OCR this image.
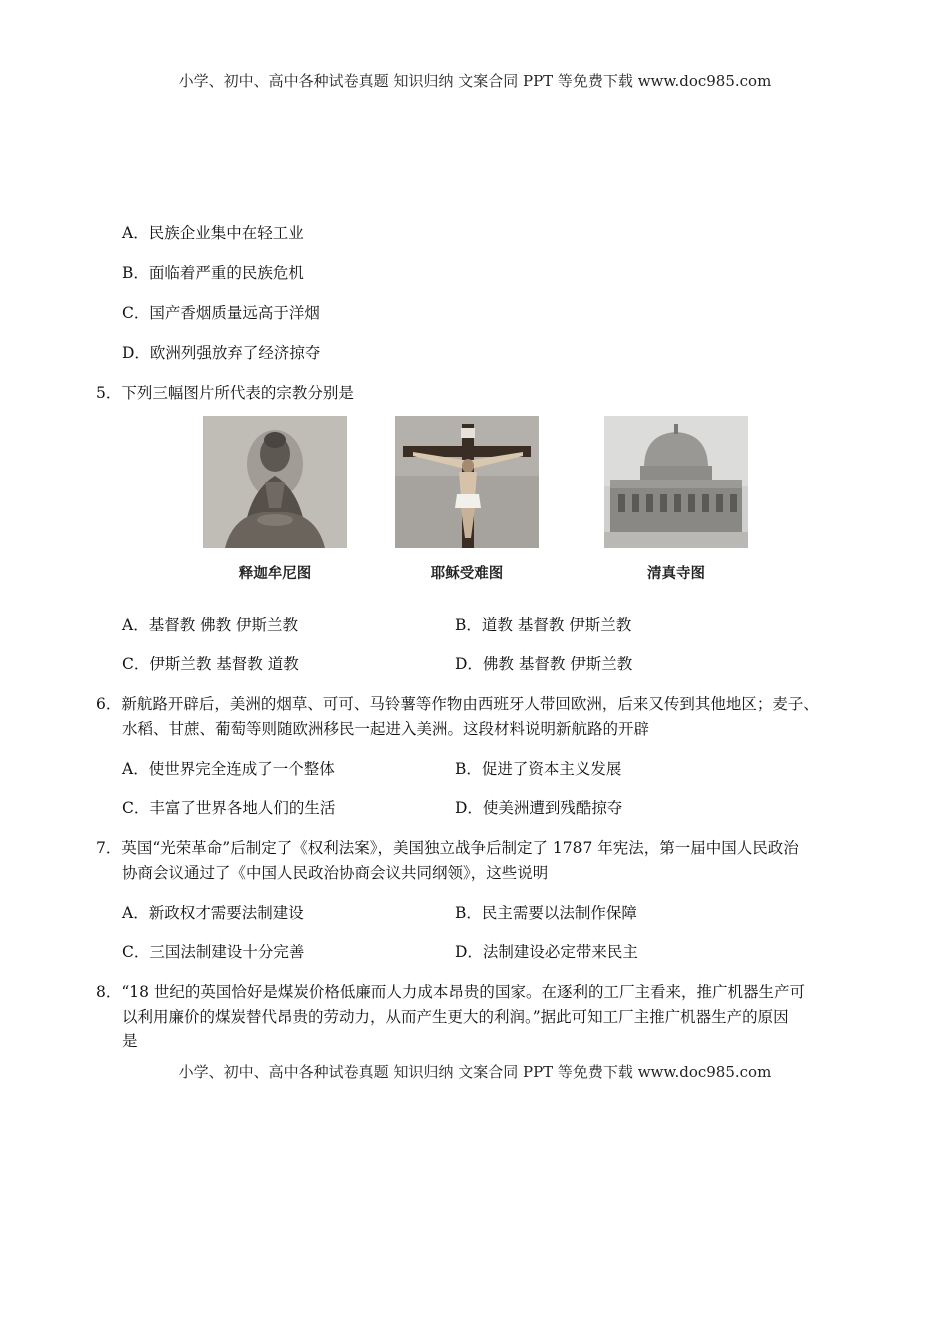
小学、初中、高中各种试卷真题 知识归纳 文案合同 PPT 等免费下载 www.doc985.com
A．民族企业集中在轻工业
B．面临着严重的民族危机
C．国产香烟质量远高于洋烟
D．欧洲列强放弃了经济掠夺
5．下列三幅图片所代表的宗教分别是
释迦牟尼图	耶稣受难图	清真寺图
A．基督教 佛教 伊斯兰教	B．道教 基督教 伊斯兰教
C．伊斯兰教 基督教 道教	D．佛教 基督教 伊斯兰教
6．新航路开辟后，美洲的烟草、可可、马铃薯等作物由西班牙人带回欧洲，后来又传到其他地区；麦子、
水稻、甘蔗、葡萄等则随欧洲移民一起进入美洲。这段材料说明新航路的开辟
A．使世界完全连成了一个整体	B．促进了资本主义发展
C．丰富了世界各地人们的生活	D．使美洲遭到残酷掠夺
7．英国“光荣革命”后制定了《权利法案》，美国独立战争后制定了 1787 年宪法，第一届中国人民政治
协商会议通过了《中国人民政治协商会议共同纲领》，这些说明
A．新政权才需要法制建设	B．民主需要以法制作保障
C．三国法制建设十分完善	D．法制建设必定带来民主
8．“18 世纪的英国恰好是煤炭价格低廉而人力成本昂贵的国家。在逐利的工厂主看来，推广机器生产可
以利用廉价的煤炭替代昂贵的劳动力，从而产生更大的利润。”据此可知工厂主推广机器生产的原因
是
小学、初中、高中各种试卷真题 知识归纳 文案合同 PPT 等免费下载 www.doc985.com
